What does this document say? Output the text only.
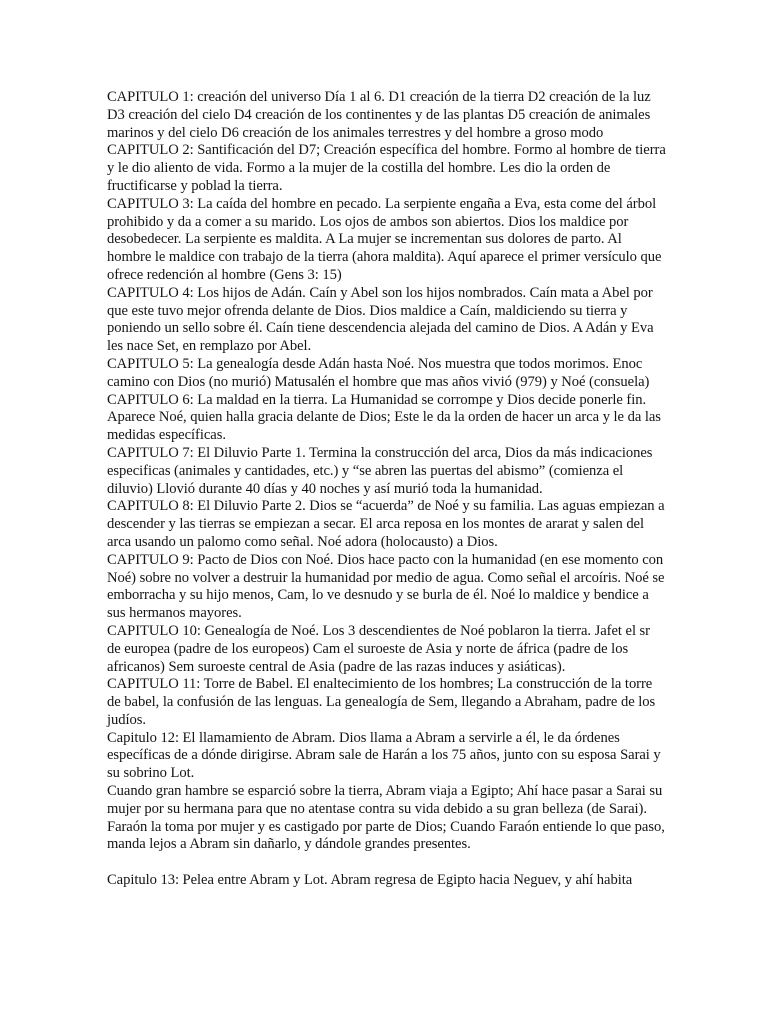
CAPITULO 1: creación del universo Día 1 al 6. D1 creación de la tierra D2 creación de la luz D3 creación del cielo D4 creación de los continentes y de las plantas D5 creación de animales marinos y del cielo D6 creación de los animales terrestres y del hombre a groso modo

CAPITULO 2: Santificación del D7; Creación específica del hombre. Formo al hombre de tierra y le dio aliento de vida. Formo a la mujer de la costilla del hombre. Les dio la orden de fructificarse y poblad la tierra.

CAPITULO 3: La caída del hombre en pecado. La serpiente engaña a Eva, esta come del árbol prohibido y da a comer a su marido. Los ojos de ambos son abiertos. Dios los maldice por desobedecer. La serpiente es maldita. A La mujer se incrementan sus dolores de parto. Al hombre le maldice con trabajo de la tierra (ahora maldita). Aquí aparece el primer versículo que ofrece redención al hombre (Gens 3: 15)

CAPITULO 4: Los hijos de Adán. Caín y Abel son los hijos nombrados. Caín mata a Abel por que este tuvo mejor ofrenda delante de Dios. Dios maldice a Caín, maldiciendo su tierra y poniendo un sello sobre él. Caín tiene descendencia alejada del camino de Dios. A Adán y Eva les nace Set, en remplazo por Abel.

CAPITULO 5: La genealogía desde Adán hasta Noé. Nos muestra que todos morimos. Enoc camino con Dios (no murió) Matusalén el hombre que mas años vivió (979) y Noé (consuela)

CAPITULO 6: La maldad en la tierra. La Humanidad se corrompe y Dios decide ponerle fin. Aparece Noé, quien halla gracia delante de Dios; Este le da la orden de hacer un arca y le da las medidas específicas.

CAPITULO 7: El Diluvio Parte 1. Termina la construcción del arca, Dios da más indicaciones especificas (animales y cantidades, etc.) y “se abren las puertas del abismo” (comienza el diluvio) Llovió durante 40 días y 40 noches y así murió toda la humanidad.

CAPITULO 8: El Diluvio Parte 2. Dios se “acuerda” de Noé y su familia. Las aguas empiezan a descender y las tierras se empiezan a secar. El arca reposa en los montes de ararat y salen del arca usando un palomo como señal. Noé adora (holocausto) a Dios.

CAPITULO 9: Pacto de Dios con Noé. Dios hace pacto con la humanidad (en ese momento con Noé) sobre no volver a destruir la humanidad por medio de agua. Como señal el arcoíris. Noé se emborracha y su hijo menos, Cam, lo ve desnudo y se burla de él. Noé lo maldice y bendice a sus hermanos mayores.

CAPITULO 10: Genealogía de Noé. Los 3 descendientes de Noé poblaron la tierra. Jafet el sr de europea (padre de los europeos) Cam el suroeste de Asia y norte de áfrica (padre de los africanos) Sem suroeste central de Asia (padre de las razas induces y asiáticas).

CAPITULO 11: Torre de Babel. El enaltecimiento de los hombres; La construcción de la torre de babel, la confusión de las lenguas. La genealogía de Sem, llegando a Abraham, padre de los judíos.

Capitulo 12: El llamamiento de Abram. Dios llama a Abram a servirle a él, le da órdenes específicas de a dónde dirigirse. Abram sale de Harán a los 75 años, junto con su esposa Sarai y su sobrino Lot.

Cuando gran hambre se esparció sobre la tierra, Abram viaja a Egipto; Ahí hace pasar a Sarai su mujer por su hermana para que no atentase contra su vida debido a su gran belleza (de Sarai). Faraón la toma por mujer y es castigado por parte de Dios; Cuando Faraón entiende lo que paso, manda lejos a Abram sin dañarlo, y dándole grandes presentes.

Capitulo 13: Pelea entre Abram y Lot. Abram regresa de Egipto hacia Neguev, y ahí habita
